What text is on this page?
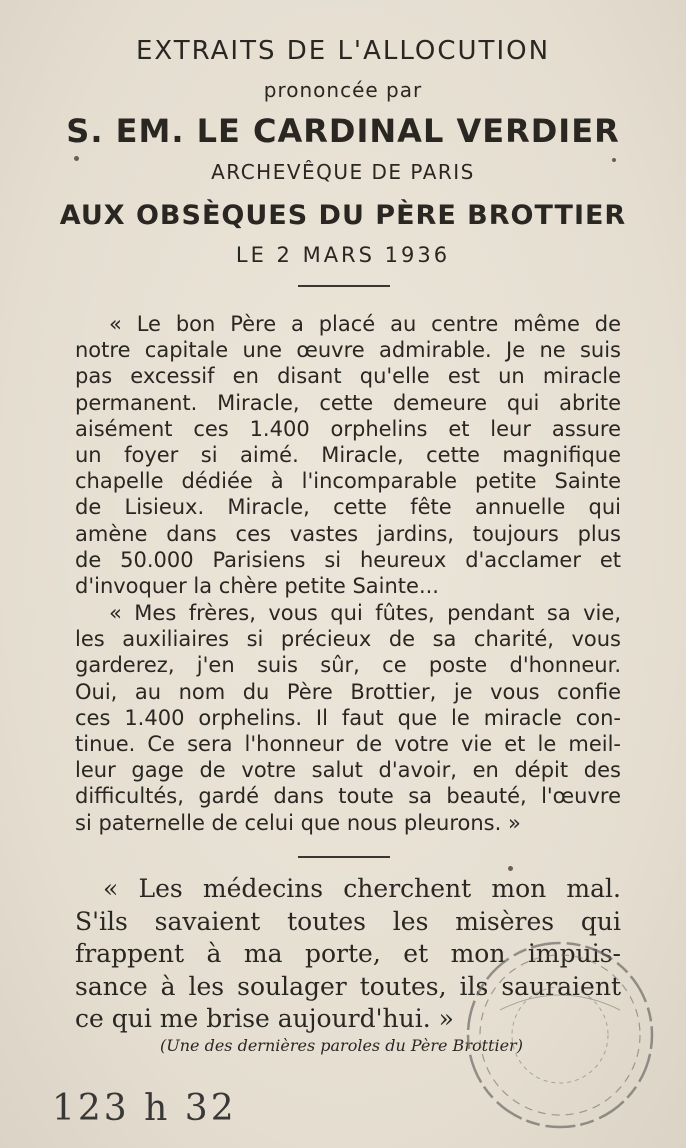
EXTRAITS DE L'ALLOCUTION
prononcée par
S. EM. LE CARDINAL VERDIER
ARCHEVÊQUE DE PARIS
AUX OBSÈQUES DU PÈRE BROTTIER
LE 2 MARS 1936
« Le bon Père a placé au centre même de
notre capitale une œuvre admirable. Je ne suis
pas excessif en disant qu'elle est un miracle
permanent. Miracle, cette demeure qui abrite
aisément ces 1.400 orphelins et leur assure
un foyer si aimé. Miracle, cette magnifique
chapelle dédiée à l'incomparable petite Sainte
de Lisieux. Miracle, cette fête annuelle qui
amène dans ces vastes jardins, toujours plus
de 50.000 Parisiens si heureux d'acclamer et
d'invoquer la chère petite Sainte...
« Mes frères, vous qui fûtes, pendant sa vie,
les auxiliaires si précieux de sa charité, vous
garderez, j'en suis sûr, ce poste d'honneur.
Oui, au nom du Père Brottier, je vous confie
ces 1.400 orphelins. Il faut que le miracle con-
tinue. Ce sera l'honneur de votre vie et le meil-
leur gage de votre salut d'avoir, en dépit des
difficultés, gardé dans toute sa beauté, l'œuvre
si paternelle de celui que nous pleurons. »
« Les médecins cherchent mon mal.
S'ils savaient toutes les misères qui
frappent à ma porte, et mon impuis-
sance à les soulager toutes, ils sauraient
ce qui me brise aujourd'hui. »
(Une des dernières paroles du Père Brottier)
123 h 32
